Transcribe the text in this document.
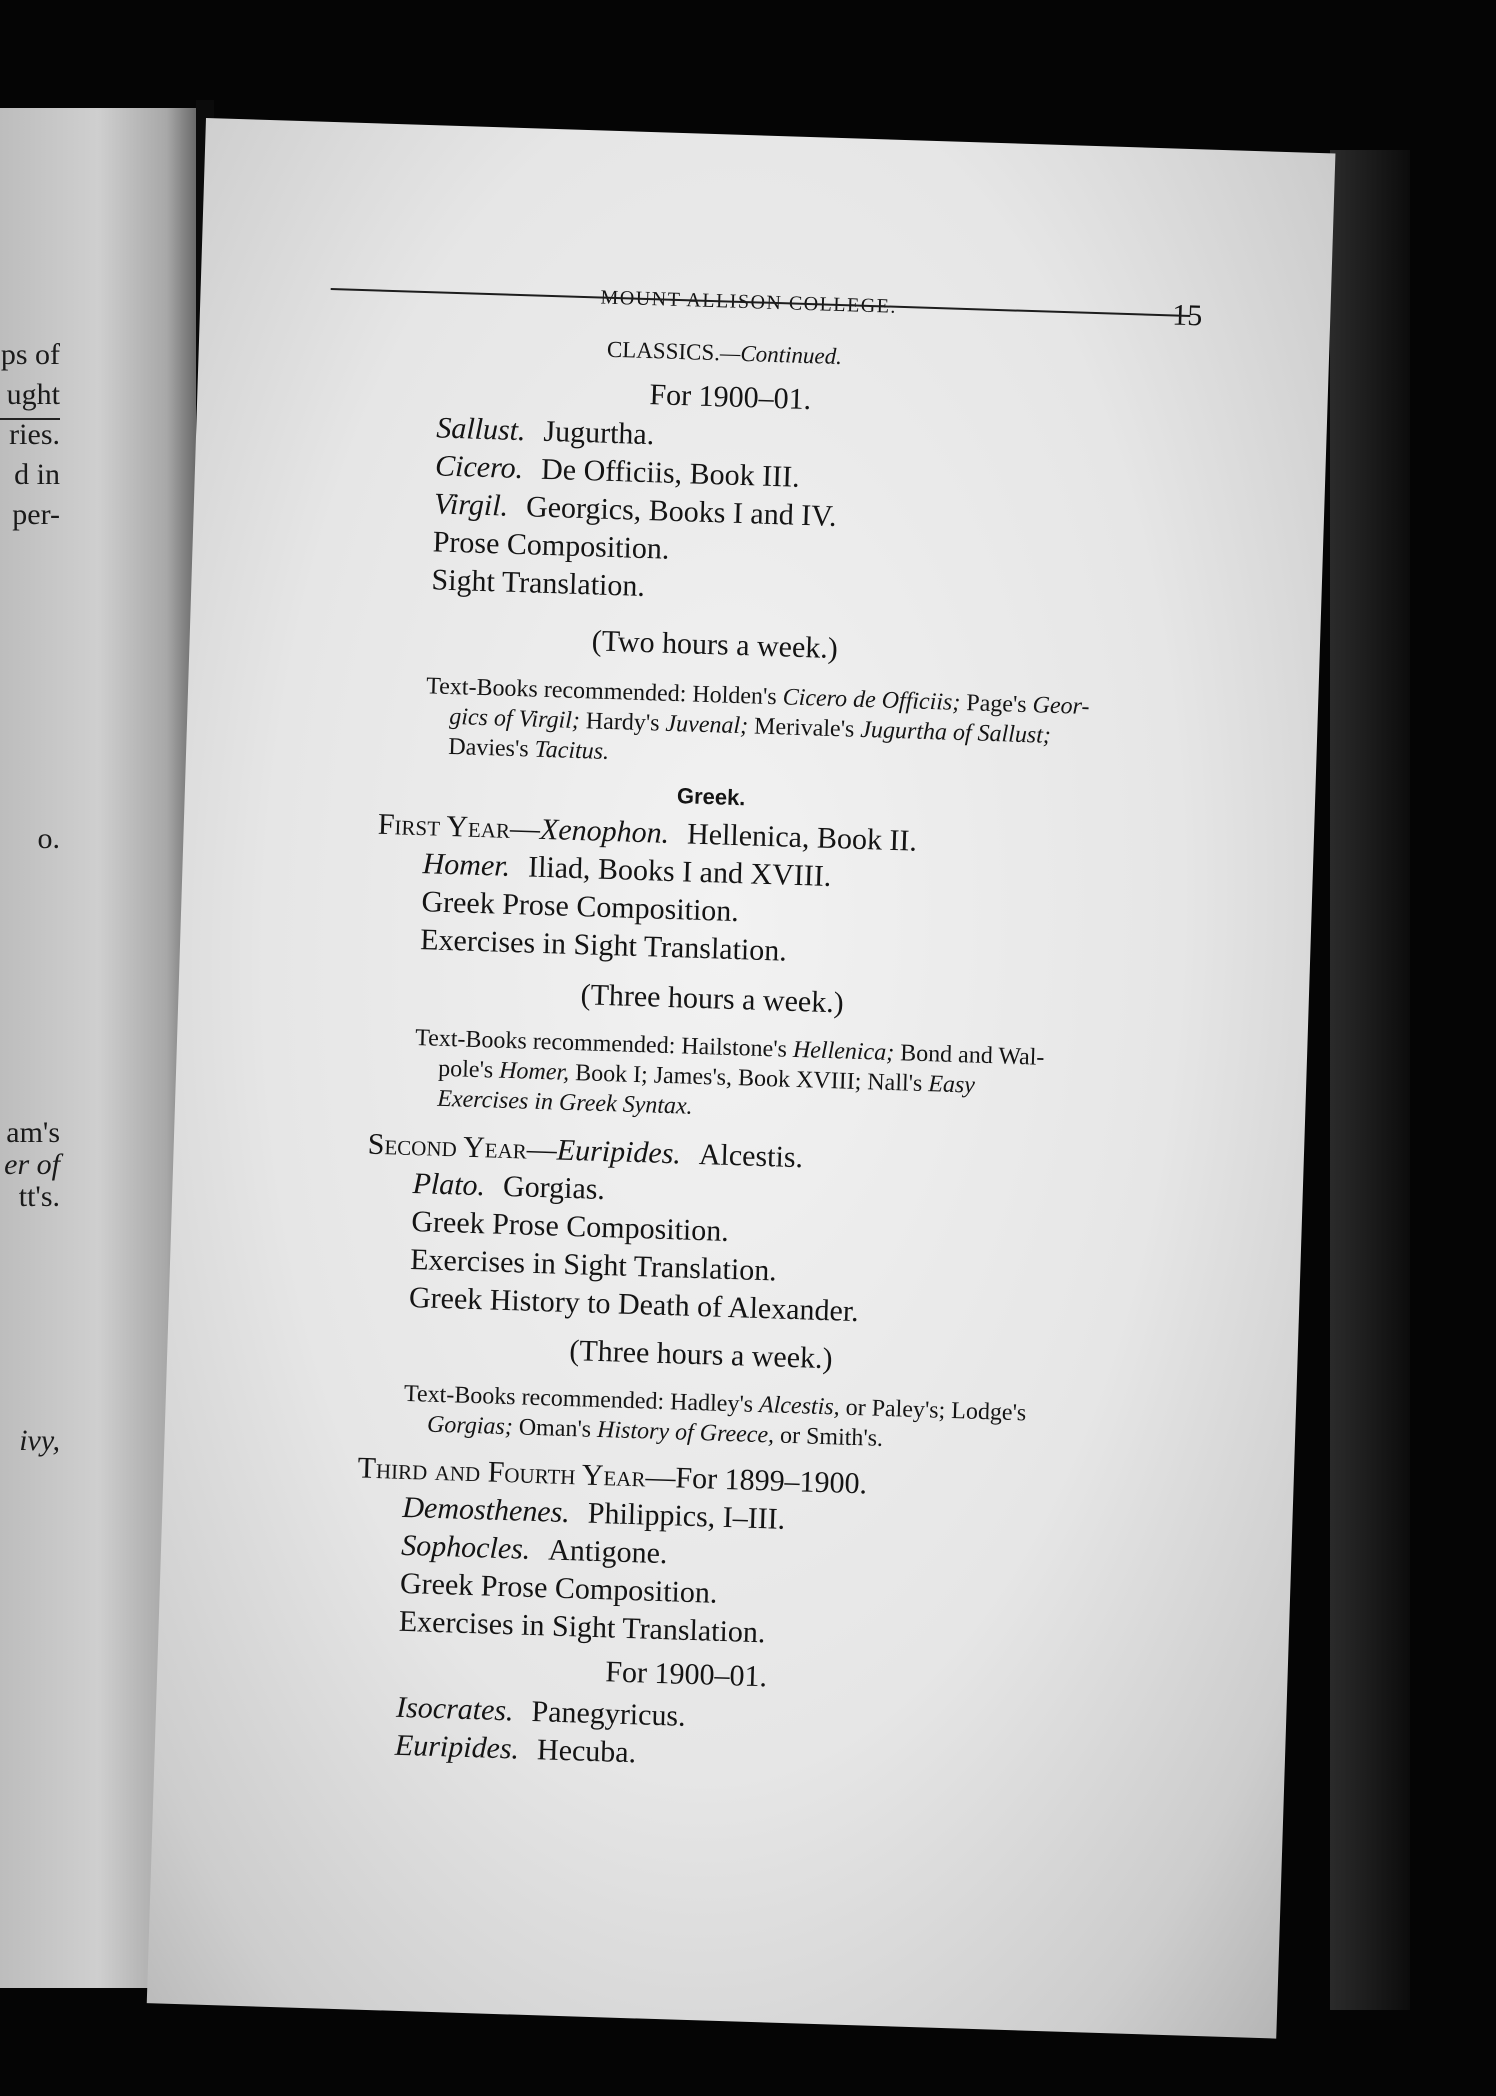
ps of
ught
ries.
d in
per-
o.
am's
er of
tt's.
ivy,
MOUNT ALLISON COLLEGE.	15
CLASSICS.—Continued.
For 1900–01.
Sallust. Jugurtha.
Cicero. De Officiis, Book III.
Virgil. Georgics, Books I and IV.
Prose Composition.
Sight Translation.
(Two hours a week.)
Text-Books recommended: Holden's Cicero de Officiis; Page's Geor-
gics of Virgil; Hardy's Juvenal; Merivale's Jugurtha of Sallust;
Davies's Tacitus.
Greek.
First Year—Xenophon. Hellenica, Book II.
Homer. Iliad, Books I and XVIII.
Greek Prose Composition.
Exercises in Sight Translation.
(Three hours a week.)
Text-Books recommended: Hailstone's Hellenica; Bond and Wal-
pole's Homer, Book I; James's, Book XVIII; Nall's Easy
Exercises in Greek Syntax.
Second Year—Euripides. Alcestis.
Plato. Gorgias.
Greek Prose Composition.
Exercises in Sight Translation.
Greek History to Death of Alexander.
(Three hours a week.)
Text-Books recommended: Hadley's Alcestis, or Paley's; Lodge's
Gorgias; Oman's History of Greece, or Smith's.
Third and Fourth Year—For 1899–1900.
Demosthenes. Philippics, I–III.
Sophocles. Antigone.
Greek Prose Composition.
Exercises in Sight Translation.
For 1900–01.
Isocrates. Panegyricus.
Euripides. Hecuba.
